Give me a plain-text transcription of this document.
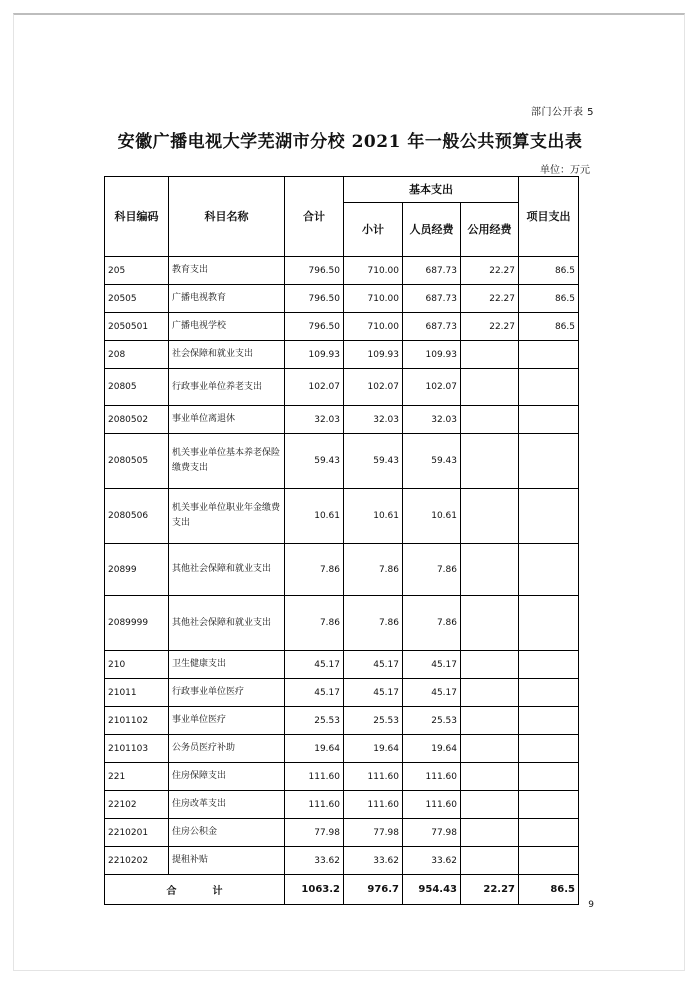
部门公开表 5
安徽广播电视大学芜湖市分校 2021 年一般公共预算支出表
单位：万元
科目编码	科目名称	合计	基本支出			项目支出
			小计	人员经费	公用经费	
205	教育支出	796.50	710.00	687.73	22.27	86.5
20505	广播电视教育	796.50	710.00	687.73	22.27	86.5
2050501	广播电视学校	796.50	710.00	687.73	22.27	86.5
208	社会保障和就业支出	109.93	109.93	109.93		
20805	行政事业单位养老支出	102.07	102.07	102.07		
2080502	事业单位离退休	32.03	32.03	32.03		
2080505	机关事业单位基本养老保险缴费支出	59.43	59.43	59.43		
2080506	机关事业单位职业年金缴费支出	10.61	10.61	10.61		
20899	其他社会保障和就业支出	7.86	7.86	7.86		
2089999	其他社会保障和就业支出	7.86	7.86	7.86		
210	卫生健康支出	45.17	45.17	45.17		
21011	行政事业单位医疗	45.17	45.17	45.17		
2101102	事业单位医疗	25.53	25.53	25.53		
2101103	公务员医疗补助	19.64	19.64	19.64		
221	住房保障支出	111.60	111.60	111.60		
22102	住房改革支出	111.60	111.60	111.60		
2210201	住房公积金	77.98	77.98	77.98		
2210202	提租补贴	33.62	33.62	33.62		
合计		1063.2	976.7	954.43	22.27	86.5
9
